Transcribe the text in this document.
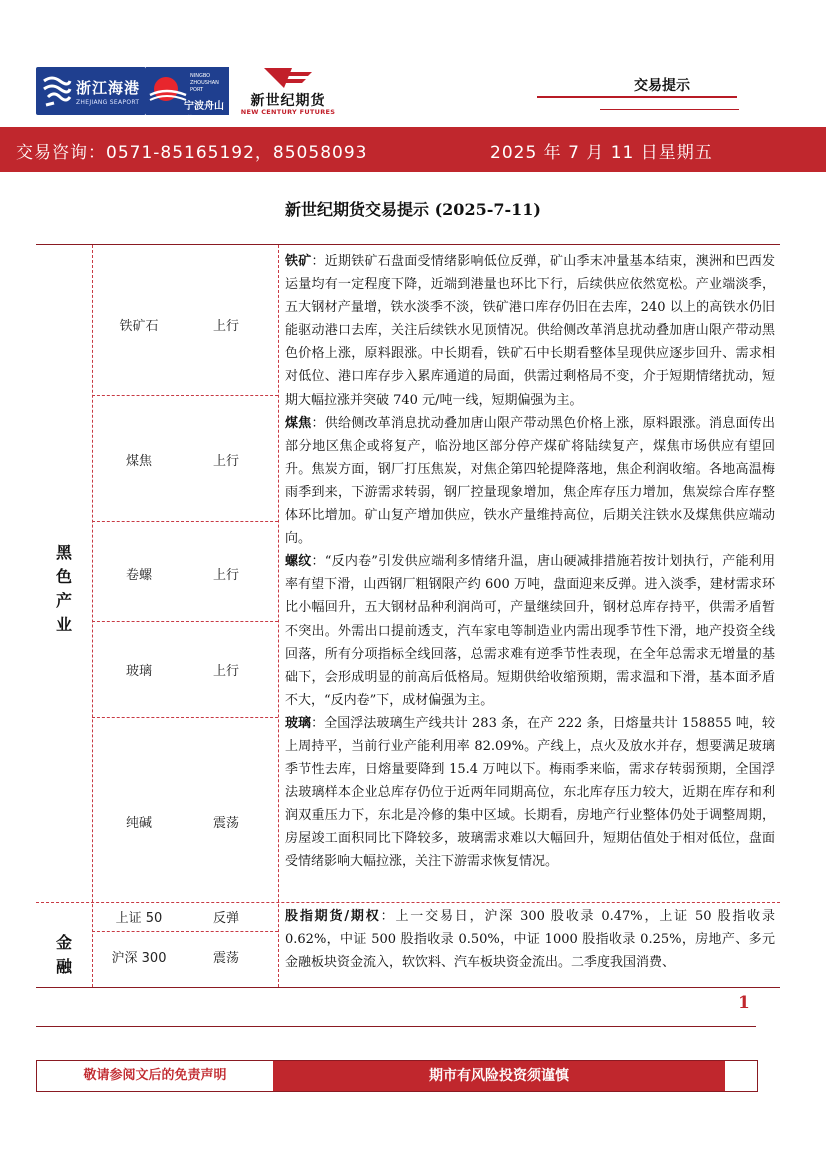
浙江海港
ZHEJIANG SEAPORT
NINGBO ZHOUSHAN PORT
宁波舟山港
新世纪期货
NEW CENTURY FUTURES
交易提示
交易咨询：0571-85165192，85058093	2025 年 7 月 11 日星期五
新世纪期货交易提示 (2025-7-11)
黑色产业
金融
铁矿石	上行
煤焦	上行
卷螺	上行
玻璃	上行
纯碱	震荡
上证 50	反弹
沪深 300	震荡
铁矿：近期铁矿石盘面受情绪影响低位反弹，矿山季末冲量基本结束，澳洲和巴西发运量均有一定程度下降，近端到港量也环比下行，后续供应依然宽松。产业端淡季，五大钢材产量增，铁水淡季不淡，铁矿港口库存仍旧在去库，240 以上的高铁水仍旧能驱动港口去库，关注后续铁水见顶情况。供给侧改革消息扰动叠加唐山限产带动黑色价格上涨，原料跟涨。中长期看，铁矿石中长期看整体呈现供应逐步回升、需求相对低位、港口库存步入累库通道的局面，供需过剩格局不变，介于短期情绪扰动，短期大幅拉涨并突破 740 元/吨一线，短期偏强为主。
煤焦：供给侧改革消息扰动叠加唐山限产带动黑色价格上涨，原料跟涨。消息面传出部分地区焦企或将复产，临汾地区部分停产煤矿将陆续复产，煤焦市场供应有望回升。焦炭方面，钢厂打压焦炭，对焦企第四轮提降落地，焦企利润收缩。各地高温梅雨季到来，下游需求转弱，钢厂控量现象增加，焦企库存压力增加，焦炭综合库存整体环比增加。矿山复产增加供应，铁水产量维持高位，后期关注铁水及煤焦供应端动向。
螺纹：“反内卷”引发供应端利多情绪升温，唐山硬减排措施若按计划执行，产能利用率有望下滑，山西钢厂粗钢限产约 600 万吨，盘面迎来反弹。进入淡季，建材需求环比小幅回升，五大钢材品种利润尚可，产量继续回升，钢材总库存持平，供需矛盾暂不突出。外需出口提前透支，汽车家电等制造业内需出现季节性下滑，地产投资全线回落，所有分项指标全线回落，总需求难有逆季节性表现，在全年总需求无增量的基础下，会形成明显的前高后低格局。短期供给收缩预期，需求温和下滑，基本面矛盾不大，“反内卷”下，成材偏强为主。
玻璃：全国浮法玻璃生产线共计 283 条，在产 222 条，日熔量共计 158855 吨，较上周持平，当前行业产能利用率 82.09%。产线上，点火及放水并存，想要满足玻璃季节性去库，日熔量要降到 15.4 万吨以下。梅雨季来临，需求存转弱预期，全国浮法玻璃样本企业总库存仍位于近两年同期高位，东北库存压力较大，近期在库存和利润双重压力下，东北是冷修的集中区域。长期看，房地产行业整体仍处于调整周期，房屋竣工面积同比下降较多，玻璃需求难以大幅回升，短期估值处于相对低位，盘面受情绪影响大幅拉涨，关注下游需求恢复情况。
股指期货/期权：上一交易日，沪深 300 股收录 0.47%，上证 50 股指收录 0.62%，中证 500 股指收录 0.50%，中证 1000 股指收录 0.25%，房地产、多元金融板块资金流入，软饮料、汽车板块资金流出。二季度我国消费、
1
敬请参阅文后的免责声明	期市有风险投资须谨慎
